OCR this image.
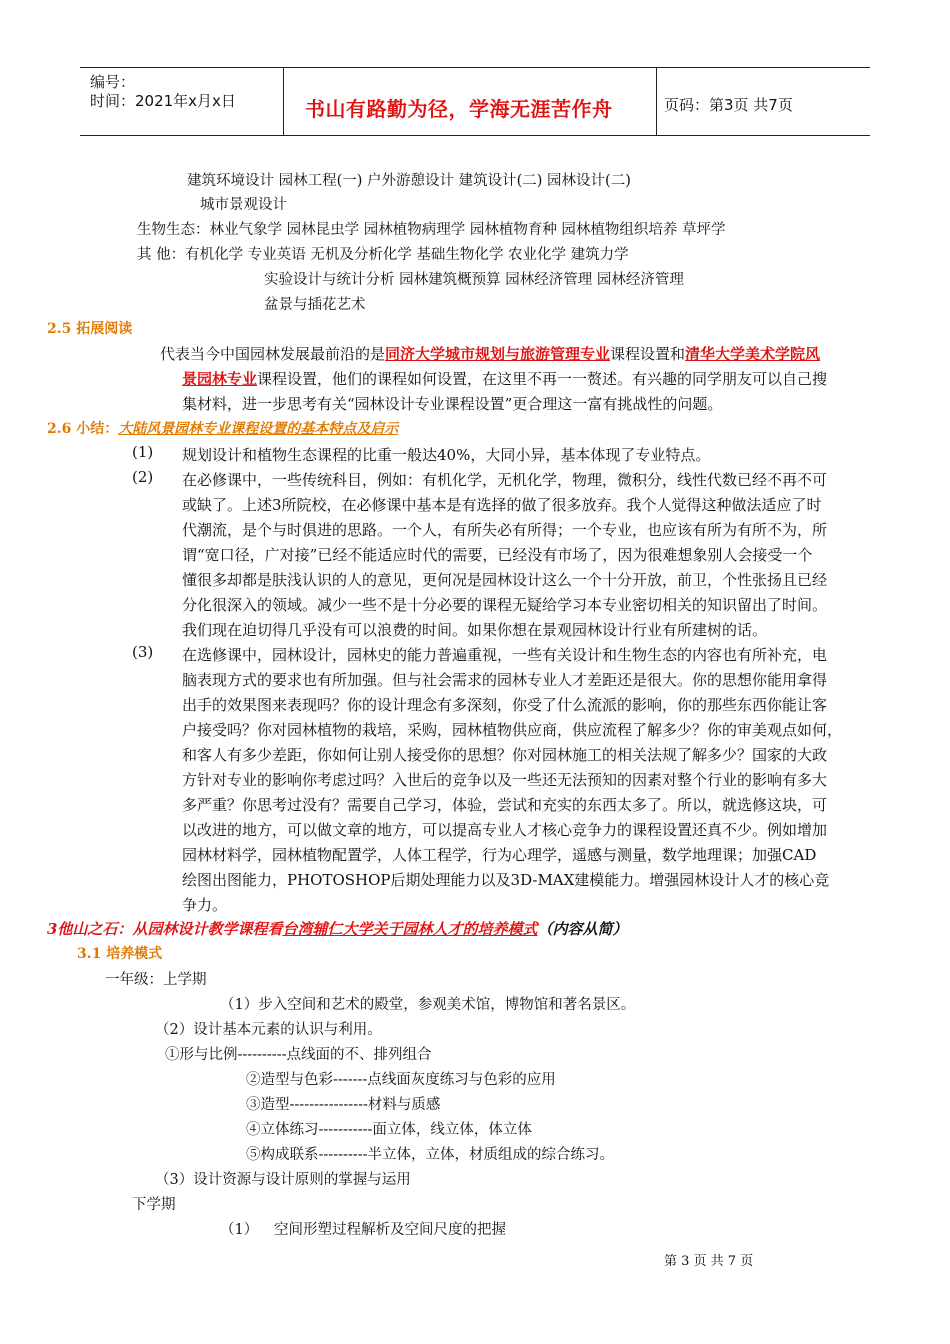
编号：
时间：2021年x月x日	书山有路勤为径，学海无涯苦作舟	页码：第3页 共7页
建筑环境设计 园林工程(一) 户外游憩设计 建筑设计(二) 园林设计(二)
城市景观设计
生物生态：林业气象学 园林昆虫学 园林植物病理学 园林植物育种 园林植物组织培养 草坪学
其 他：有机化学 专业英语 无机及分析化学 基础生物化学 农业化学 建筑力学
实验设计与统计分析 园林建筑概预算 园林经济管理 园林经济管理
盆景与插花艺术
2.5 拓展阅读
代表当今中国园林发展最前沿的是同济大学城市规划与旅游管理专业课程设置和清华大学美术学院风
景园林专业课程设置，他们的课程如何设置，在这里不再一一赘述。有兴趣的同学朋友可以自己搜
集材料，进一步思考有关“园林设计专业课程设置”更合理这一富有挑战性的问题。
2.6 小结：大陆风景园林专业课程设置的基本特点及启示
(1) 规划设计和植物生态课程的比重一般达40%，大同小异，基本体现了专业特点。
(2) 在必修课中，一些传统科目，例如：有机化学，无机化学，物理，微积分，线性代数已经不再不可
或缺了。上述3所院校，在必修课中基本是有选择的做了很多放弃。我个人觉得这种做法适应了时
代潮流，是个与时俱进的思路。一个人，有所失必有所得；一个专业，也应该有所为有所不为，所
谓“宽口径，广对接”已经不能适应时代的需要，已经没有市场了，因为很难想象别人会接受一个
懂很多却都是肤浅认识的人的意见，更何况是园林设计这么一个十分开放，前卫，个性张扬且已经
分化很深入的领域。减少一些不是十分必要的课程无疑给学习本专业密切相关的知识留出了时间。
我们现在迫切得几乎没有可以浪费的时间。如果你想在景观园林设计行业有所建树的话。
(3) 在选修课中，园林设计，园林史的能力普遍重视，一些有关设计和生物生态的内容也有所补充，电
脑表现方式的要求也有所加强。但与社会需求的园林专业人才差距还是很大。你的思想你能用拿得
出手的效果图来表现吗？你的设计理念有多深刻，你受了什么流派的影响，你的那些东西你能让客
户接受吗？你对园林植物的栽培，采购，园林植物供应商，供应流程了解多少？你的审美观点如何，
和客人有多少差距，你如何让别人接受你的思想？你对园林施工的相关法规了解多少？国家的大政
方针对专业的影响你考虑过吗？入世后的竞争以及一些还无法预知的因素对整个行业的影响有多大
多严重？你思考过没有？需要自己学习，体验，尝试和充实的东西太多了。所以，就选修这块，可
以改进的地方，可以做文章的地方，可以提高专业人才核心竞争力的课程设置还真不少。例如增加
园林材料学，园林植物配置学，人体工程学，行为心理学，遥感与测量，数学地理课；加强CAD
绘图出图能力，PHOTOSHOP后期处理能力以及3D-MAX建模能力。增强园林设计人才的核心竞
争力。
3他山之石：从园林设计教学课程看台湾辅仁大学关于园林人才的培养模式（内容从简）
3.1 培养模式
一年级：上学期
（1）步入空间和艺术的殿堂，参观美术馆，博物馆和著名景区。
（2）设计基本元素的认识与利用。
①形与比例----------点线面的不、排列组合
②造型与色彩-------点线面灰度练习与色彩的应用
③造型----------------材料与质感
④立体练习-----------面立体，线立体，体立体
⑤构成联系----------半立体，立体，材质组成的综合练习。
（3）设计资源与设计原则的掌握与运用
下学期
（1） 空间形塑过程解析及空间尺度的把握
第 3 页 共 7 页
